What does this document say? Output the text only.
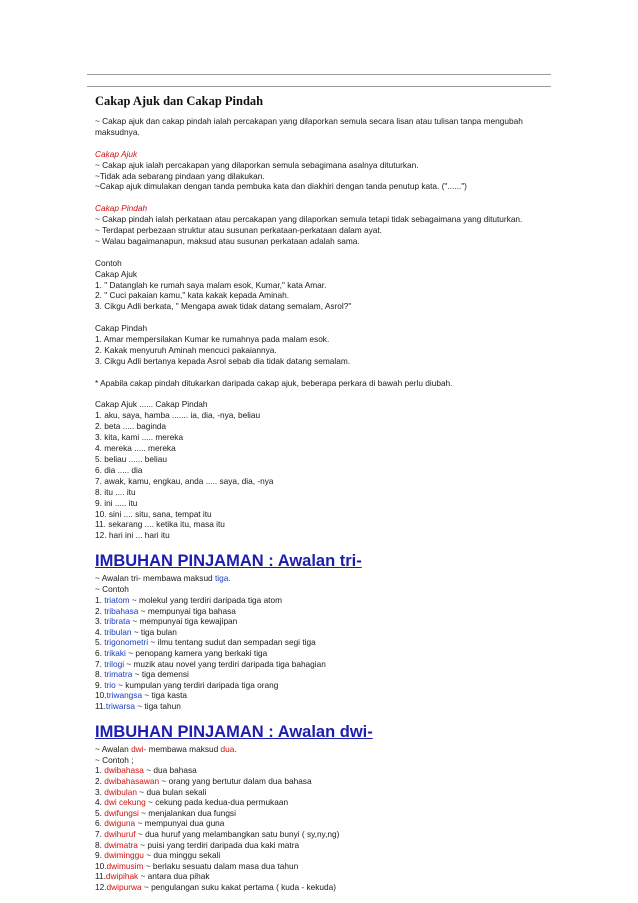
Cakap Ajuk dan Cakap Pindah
~ Cakap ajuk dan cakap pindah ialah percakapan yang dilaporkan semula secara lisan atau tulisan tanpa mengubah maksudnya.
Cakap Ajuk
~ Cakap ajuk ialah percakapan yang dilaporkan semula sebagimana asalnya dituturkan.
~Tidak ada sebarang pindaan yang dilakukan.
~Cakap ajuk dimulakan dengan tanda pembuka kata dan diakhiri dengan tanda penutup kata. ("......")
Cakap Pindah
~ Cakap pindah ialah perkataan atau percakapan yang dilaporkan semula tetapi tidak sebagaimana yang dituturkan.
~ Terdapat perbezaan struktur atau susunan perkataan-perkataan dalam ayat.
~ Walau bagaimanapun, maksud atau susunan perkataan adalah sama.
Contoh
Cakap Ajuk
1. " Datanglah ke rumah saya malam esok, Kumar," kata Amar.
2. " Cuci pakaian kamu," kata kakak kepada Aminah.
3. Cikgu Adli berkata, " Mengapa awak tidak datang semalam, Asrol?"
Cakap Pindah
1. Amar mempersilakan Kumar ke rumahnya pada malam esok.
2. Kakak menyuruh Aminah mencuci pakaiannya.
3. Cikgu Adli bertanya kepada Asrol sebab dia tidak datang semalam.
* Apabila cakap pindah ditukarkan daripada cakap ajuk, beberapa perkara di bawah perlu diubah.
Cakap Ajuk ...... Cakap Pindah
1. aku, saya, hamba ....... ia, dia, -nya, beliau
2. beta ..... baginda
3. kita, kami ..... mereka
4. mereka ..... mereka
5. beliau ...... beliau
6. dia ..... dia
7. awak, kamu, engkau, anda ..... saya, dia, -nya
8. itu .... itu
9. ini ..... itu
10. sini .... situ, sana, tempat itu
11. sekarang .... ketika itu, masa itu
12. hari ini ... hari itu
IMBUHAN PINJAMAN : Awalan tri-
~ Awalan tri- membawa maksud tiga.
~ Contoh
1. triatom ~ molekul yang terdiri daripada tiga atom
2. tribahasa ~ mempunyai tiga bahasa
3. tribrata ~ mempunyai tiga kewajipan
4. tribulan ~ tiga bulan
5. trigonometri ~ ilmu tentang sudut dan sempadan segi tiga
6. trikaki ~ penopang kamera yang berkaki tiga
7. trilogi ~ muzik atau novel yang terdiri daripada tiga bahagian
8. trimatra ~ tiga demensi
9. trio ~ kumpulan yang terdiri daripada tiga orang
10.triwangsa ~ tiga kasta
11.triwarsa ~ tiga tahun
IMBUHAN PINJAMAN : Awalan dwi-
~ Awalan dwi- membawa maksud dua.
~ Contoh ;
1. dwibahasa ~ dua bahasa
2. dwibahasawan ~ orang yang bertutur dalam dua bahasa
3. dwibulan ~ dua bulan sekali
4. dwi cekung ~ cekung pada kedua-dua permukaan
5. dwifungsi ~ menjalankan dua fungsi
6. dwiguna ~ mempunyai dua guna
7. dwihuruf ~ dua huruf yang melambangkan satu bunyi ( sy,ny,ng)
8. dwimatra ~ puisi yang terdiri daripada dua kaki matra
9. dwiminggu ~ dua minggu sekali
10.dwimusim ~ berlaku sesuatu dalam masa dua tahun
11.dwipihak ~ antara dua pihak
12.dwipurwa ~ pengulangan suku kakat pertama ( kuda - kekuda)
